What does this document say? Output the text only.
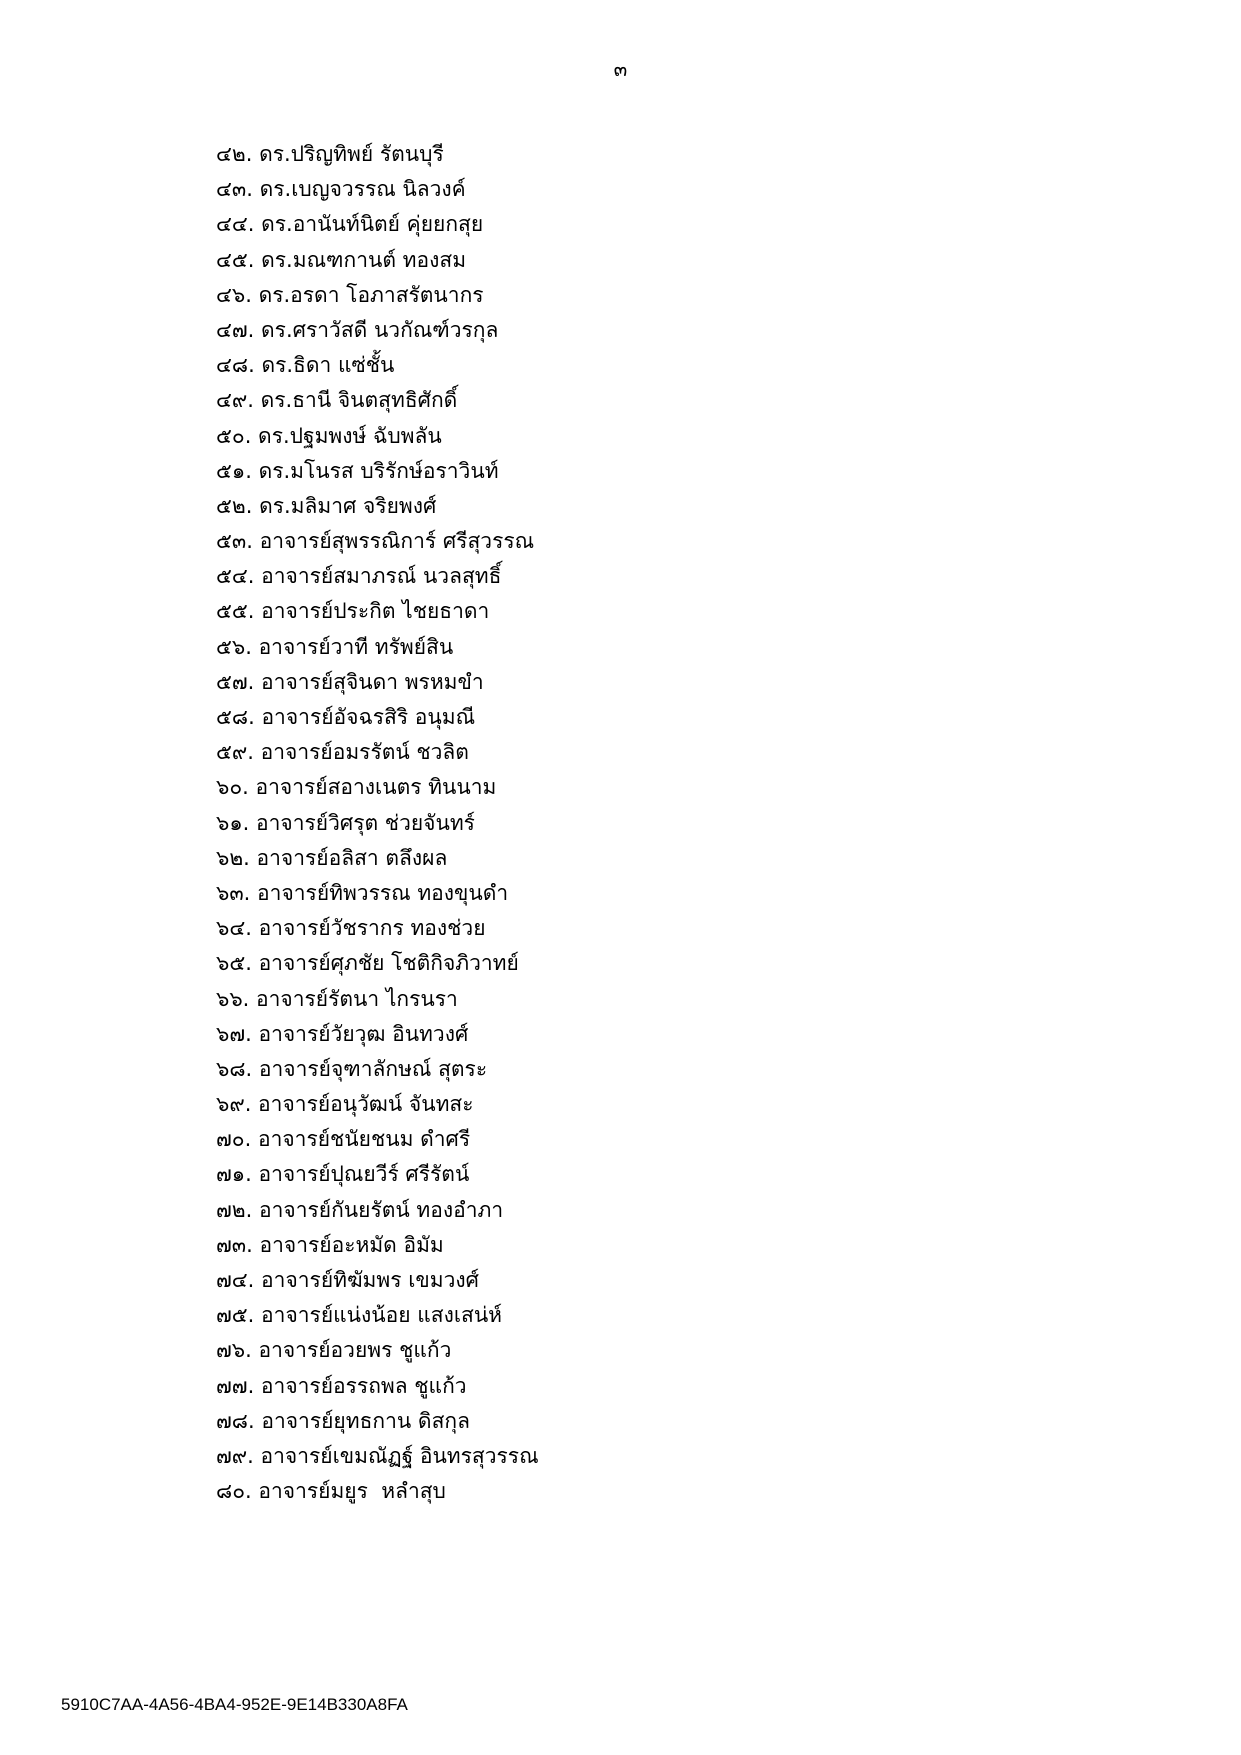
๓
๔๒. ดร.ปริญทิพย์ รัตนบุรี
๔๓. ดร.เบญจวรรณ นิลวงค์
๔๔. ดร.อานันท์นิตย์ คุ่ยยกสุย
๔๕. ดร.มณฑกานต์ ทองสม
๔๖. ดร.อรดา โอภาสรัตนากร
๔๗. ดร.ศราวัสดี นวกัณฑ์วรกุล
๔๘. ดร.ธิดา แซ่ชั้น
๔๙. ดร.ธานี จินตสุทธิศักดิ์
๕๐. ดร.ปฐมพงษ์ ฉับพลัน
๕๑. ดร.มโนรส บริรักษ์อราวินท์
๕๒. ดร.มลิมาศ จริยพงศ์
๕๓. อาจารย์สุพรรณิการ์ ศรีสุวรรณ
๕๔. อาจารย์สมาภรณ์ นวลสุทธิ์
๕๕. อาจารย์ประกิต ไชยธาดา
๕๖. อาจารย์วาที ทรัพย์สิน
๕๗. อาจารย์สุจินดา พรหมขำ
๕๘. อาจารย์อัจฉรสิริ อนุมณี
๕๙. อาจารย์อมรรัตน์ ชวลิต
๖๐. อาจารย์สอางเนตร ทินนาม
๖๑. อาจารย์วิศรุต ช่วยจันทร์
๖๒. อาจารย์อลิสา ตลึงผล
๖๓. อาจารย์ทิพวรรณ ทองขุนดำ
๖๔. อาจารย์วัชรากร ทองช่วย
๖๕. อาจารย์ศุภชัย โชติกิจภิวาทย์
๖๖. อาจารย์รัตนา ไกรนรา
๖๗. อาจารย์วัยวุฒ อินทวงศ์
๖๘. อาจารย์จุฑาลักษณ์ สุตระ
๖๙. อาจารย์อนุวัฒน์ จันทสะ
๗๐. อาจารย์ชนัยชนม ดำศรี
๗๑. อาจารย์ปุณยวีร์ ศรีรัตน์
๗๒. อาจารย์กันยรัตน์ ทองอำภา
๗๓. อาจารย์อะหมัด อิมัม
๗๔. อาจารย์ทิฆัมพร เขมวงศ์
๗๕. อาจารย์แน่งน้อย แสงเสน่ห์
๗๖. อาจารย์อวยพร ชูแก้ว
๗๗. อาจารย์อรรถพล ชูแก้ว
๗๘. อาจารย์ยุทธกาน ดิสกุล
๗๙. อาจารย์เขมณัฏฐ์ อินทรสุวรรณ
๘๐. อาจารย์มยูร  หลำสุบ
5910C7AA-4A56-4BA4-952E-9E14B330A8FA
